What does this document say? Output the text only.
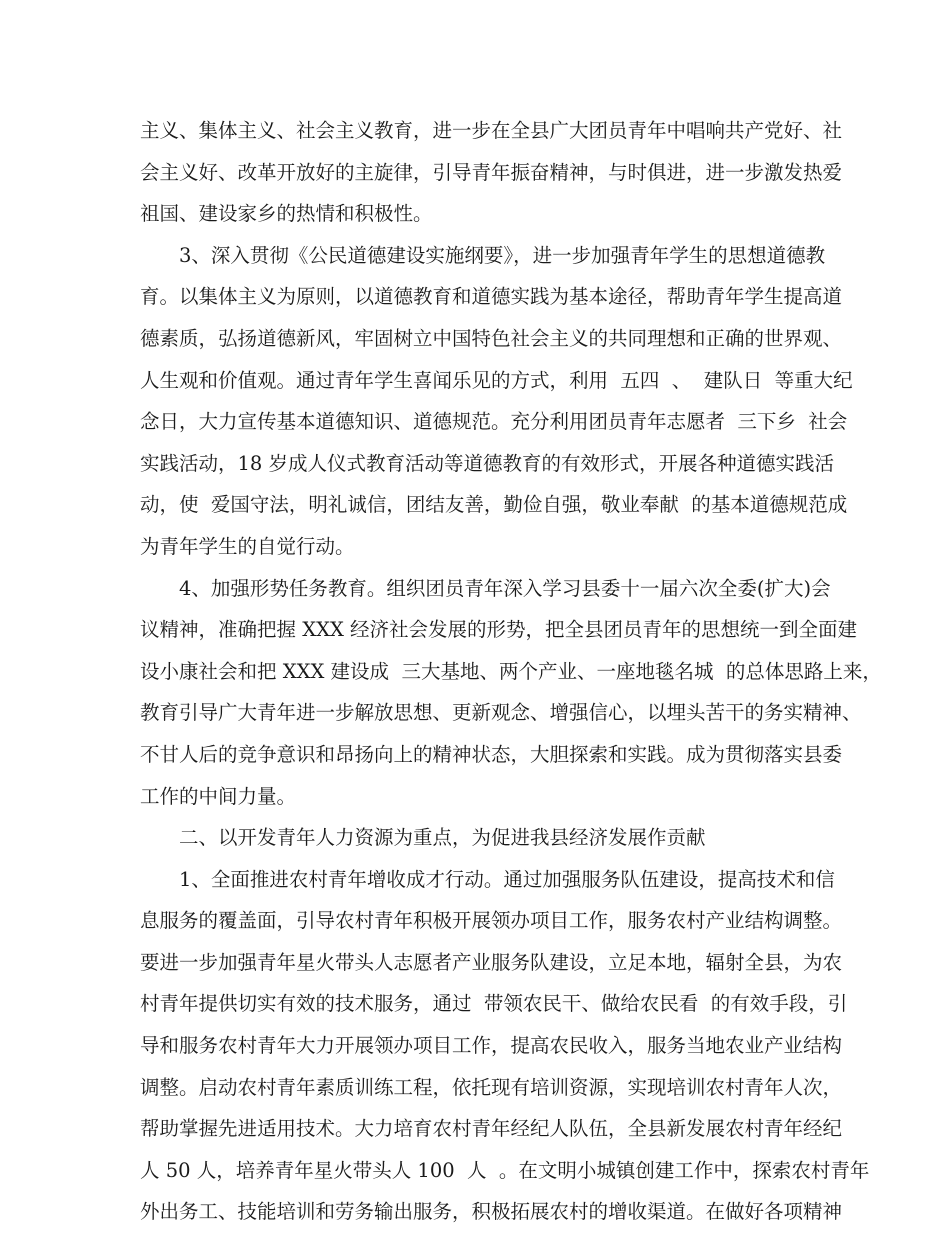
主义、集体主义、社会主义教育，进一步在全县广大团员青年中唱响共产党好、社
会主义好、改革开放好的主旋律，引导青年振奋精神，与时俱进，进一步激发热爱
祖国、建设家乡的热情和积极性。
3、深入贯彻《公民道德建设实施纲要》，进一步加强青年学生的思想道德教
育。以集体主义为原则，以道德教育和道德实践为基本途径，帮助青年学生提高道
德素质，弘扬道德新风，牢固树立中国特色社会主义的共同理想和正确的世界观、
人生观和价值观。通过青年学生喜闻乐见的方式，利用  五四  、  建队日  等重大纪
念日，大力宣传基本道德知识、道德规范。充分利用团员青年志愿者  三下乡  社会
实践活动，18 岁成人仪式教育活动等道德教育的有效形式，开展各种道德实践活
动，使  爱国守法，明礼诚信，团结友善，勤俭自强，敬业奉献  的基本道德规范成
为青年学生的自觉行动。
4、加强形势任务教育。组织团员青年深入学习县委十一届六次全委(扩大)会
议精神，准确把握 XXX 经济社会发展的形势，把全县团员青年的思想统一到全面建
设小康社会和把 XXX 建设成  三大基地、两个产业、一座地毯名城  的总体思路上来，
教育引导广大青年进一步解放思想、更新观念、增强信心，以埋头苦干的务实精神、
不甘人后的竞争意识和昂扬向上的精神状态，大胆探索和实践。成为贯彻落实县委
工作的中间力量。
二、以开发青年人力资源为重点，为促进我县经济发展作贡献
1、全面推进农村青年增收成才行动。通过加强服务队伍建设，提高技术和信
息服务的覆盖面，引导农村青年积极开展领办项目工作，服务农村产业结构调整。
要进一步加强青年星火带头人志愿者产业服务队建设，立足本地，辐射全县，为农
村青年提供切实有效的技术服务，通过  带领农民干、做给农民看  的有效手段，引
导和服务农村青年大力开展领办项目工作，提高农民收入，服务当地农业产业结构
调整。启动农村青年素质训练工程，依托现有培训资源，实现培训农村青年人次，
帮助掌握先进适用技术。大力培育农村青年经纪人队伍，全县新发展农村青年经纪
人 50 人，培养青年星火带头人 100  人  。在文明小城镇创建工作中，探索农村青年
外出务工、技能培训和劳务输出服务，积极拓展农村的增收渠道。在做好各项精神
